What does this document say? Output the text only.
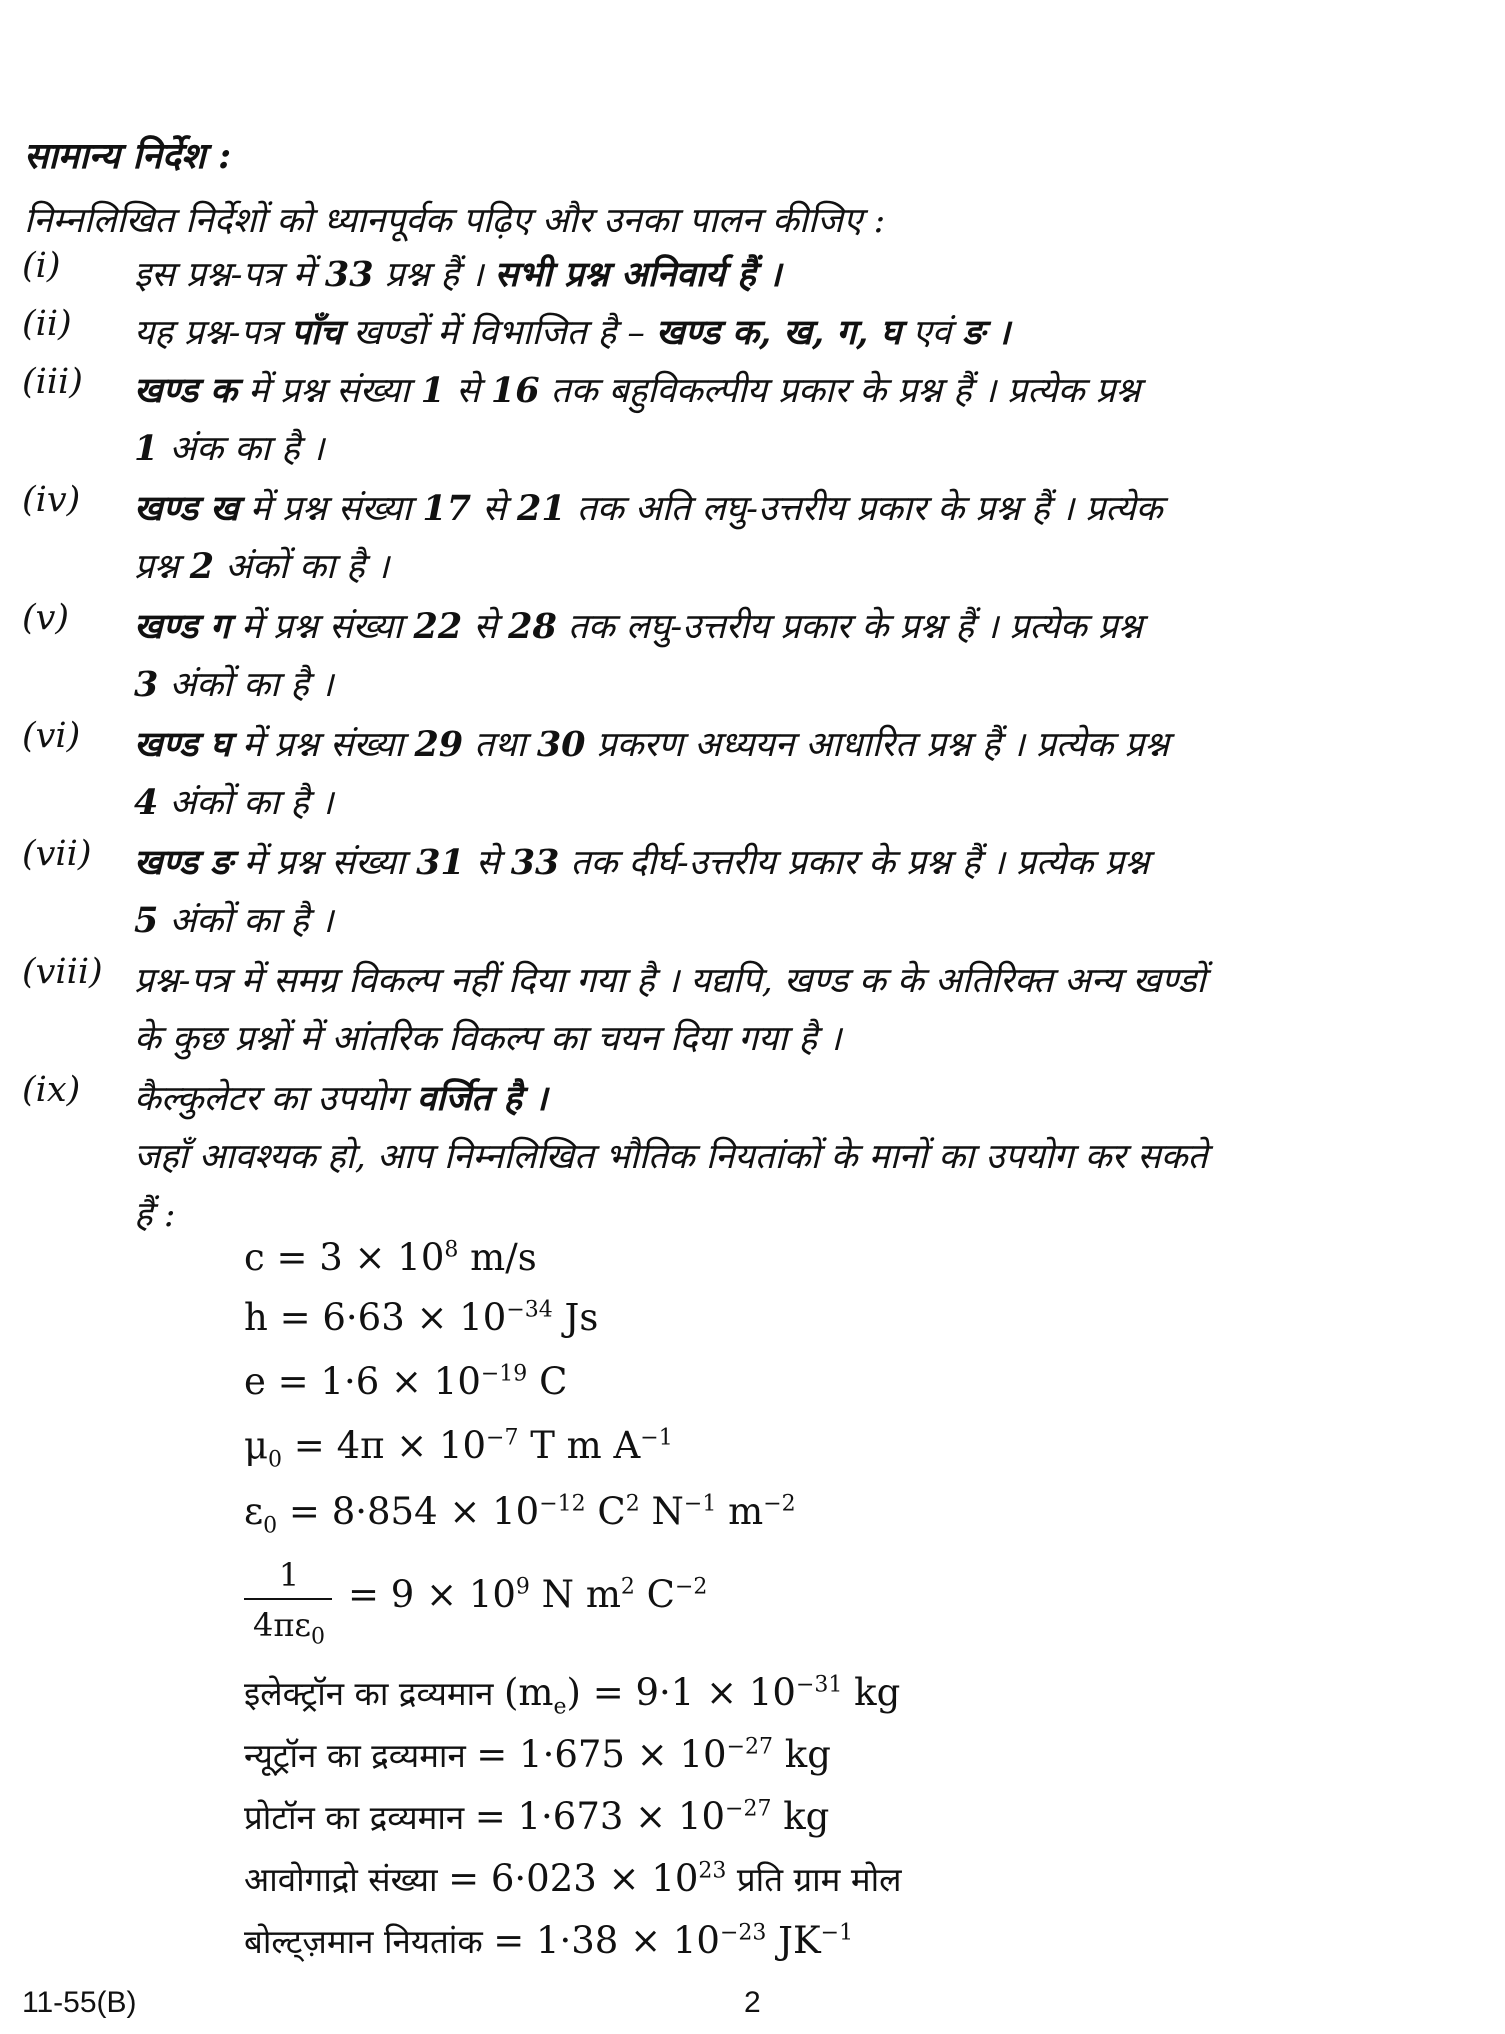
सामान्य निर्देश :
निम्नलिखित निर्देशों को ध्यानपूर्वक पढ़िए और उनका पालन कीजिए :
(i)	इस प्रश्न-पत्र में 33 प्रश्न हैं । सभी प्रश्न अनिवार्य हैं ।
(ii)	यह प्रश्न-पत्र पाँच खण्डों में विभाजित है – खण्ड क, ख, ग, घ एवं ङ ।
(iii)	खण्ड क में प्रश्न संख्या 1 से 16 तक बहुविकल्पीय प्रकार के प्रश्न हैं । प्रत्येक प्रश्न
1 अंक का है ।
(iv)	खण्ड ख में प्रश्न संख्या 17 से 21 तक अति लघु-उत्तरीय प्रकार के प्रश्न हैं । प्रत्येक
प्रश्न 2 अंकों का है ।
(v)	खण्ड ग में प्रश्न संख्या 22 से 28 तक लघु-उत्तरीय प्रकार के प्रश्न हैं । प्रत्येक प्रश्न
3 अंकों का है ।
(vi)	खण्ड घ में प्रश्न संख्या 29 तथा 30 प्रकरण अध्ययन आधारित प्रश्न हैं । प्रत्येक प्रश्न
4 अंकों का है ।
(vii)	खण्ड ङ में प्रश्न संख्या 31 से 33 तक दीर्घ-उत्तरीय प्रकार के प्रश्न हैं । प्रत्येक प्रश्न
5 अंकों का है ।
(viii) प्रश्न-पत्र में समग्र विकल्प नहीं दिया गया है । यद्यपि, खण्ड क के अतिरिक्त अन्य खण्डों
के कुछ प्रश्नों में आंतरिक विकल्प का चयन दिया गया है ।
(ix)	कैल्कुलेटर का उपयोग वर्जित है ।
जहाँ आवश्यक हो, आप निम्नलिखित भौतिक नियतांकों के मानों का उपयोग कर सकते
हैं :
$c = 3 \times 10^8$ m/s
$h = 6\cdot 63 \times 10^{-34}$ Js
$e = 1\cdot 6 \times 10^{-19}$ C
$\mu_0 = 4\pi \times 10^{-7}$ T m $A^{-1}$
$\varepsilon_0 = 8\cdot 854 \times 10^{-12}$ $C^2$ $N^{-1}$ $m^{-2}$
1
$4\pi\varepsilon_0$
= $9 \times 10^9$ N $m^2$ $C^{-2}$
इलेक्ट्रॉन का द्रव्यमान $(m_e) = 9\cdot 1 \times 10^{-31}$ kg
न्यूट्रॉन का द्रव्यमान = $1\cdot 675 \times 10^{-27}$ kg
प्रोटॉन का द्रव्यमान = $1\cdot 673 \times 10^{-27}$ kg
आवोगाद्रो संख्या = $6\cdot 023 \times 10^{23}$ प्रति ग्राम मोल
बोल्ट्ज़मान नियतांक = $1\cdot 38 \times 10^{-23}$ $JK^{-1}$
11-55(B)	2
